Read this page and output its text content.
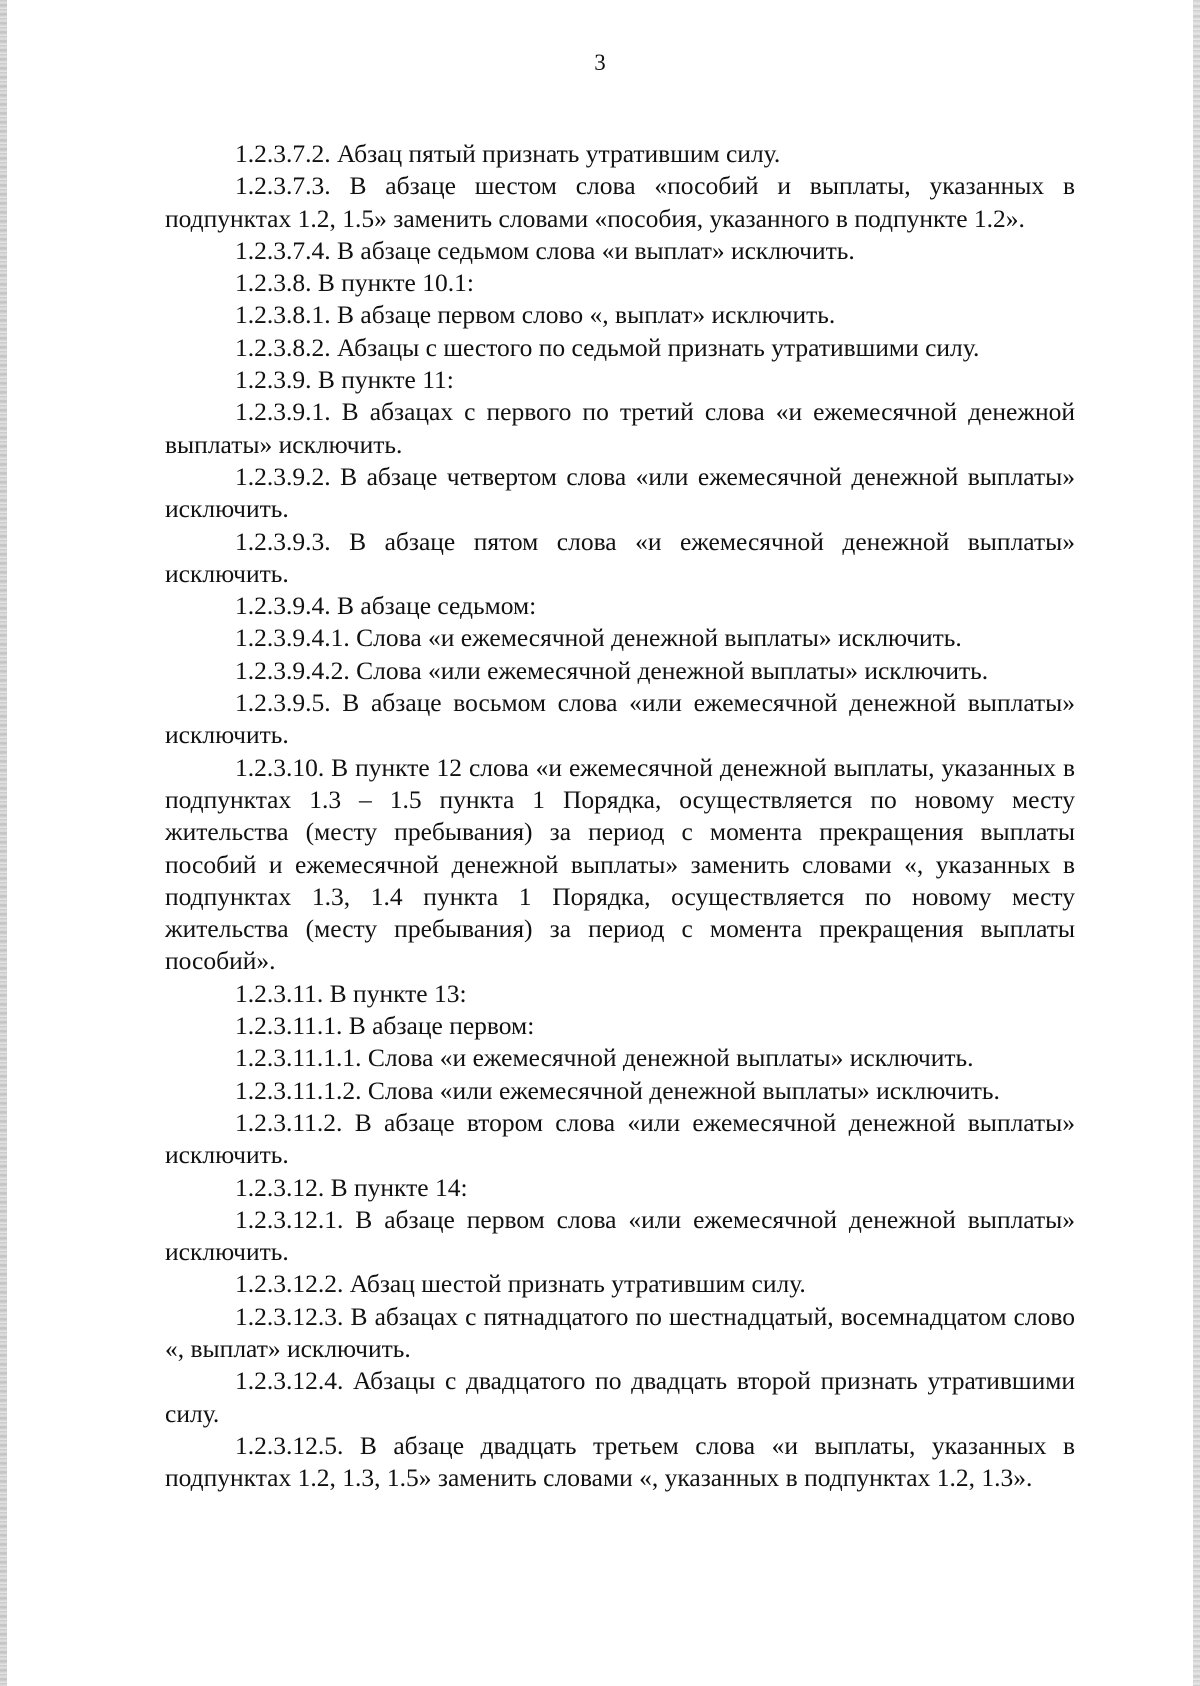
3

1.2.3.7.2. Абзац пятый признать утратившим силу.

1.2.3.7.3. В абзаце шестом слова «пособий и выплаты, указанных в подпунктах 1.2, 1.5» заменить словами «пособия, указанного в подпункте 1.2».

1.2.3.7.4. В абзаце седьмом слова «и выплат» исключить.

1.2.3.8. В пункте 10.1:

1.2.3.8.1. В абзаце первом слово «, выплат» исключить.

1.2.3.8.2. Абзацы с шестого по седьмой признать утратившими силу.

1.2.3.9. В пункте 11:

1.2.3.9.1. В абзацах с первого по третий слова «и ежемесячной денежной выплаты» исключить.

1.2.3.9.2. В абзаце четвертом слова «или ежемесячной денежной выплаты» исключить.

1.2.3.9.3. В абзаце пятом слова «и ежемесячной денежной выплаты» исключить.

1.2.3.9.4. В абзаце седьмом:

1.2.3.9.4.1. Слова «и ежемесячной денежной выплаты» исключить.

1.2.3.9.4.2. Слова «или ежемесячной денежной выплаты» исключить.

1.2.3.9.5. В абзаце восьмом слова «или ежемесячной денежной выплаты» исключить.

1.2.3.10. В пункте 12 слова «и ежемесячной денежной выплаты, указанных в подпунктах 1.3 – 1.5 пункта 1 Порядка, осуществляется по новому месту жительства (месту пребывания) за период с момента прекращения выплаты пособий и ежемесячной денежной выплаты» заменить словами «, указанных в подпунктах 1.3, 1.4 пункта 1 Порядка, осуществляется по новому месту жительства (месту пребывания) за период с момента прекращения выплаты пособий».

1.2.3.11. В пункте 13:

1.2.3.11.1. В абзаце первом:

1.2.3.11.1.1. Слова «и ежемесячной денежной выплаты» исключить.

1.2.3.11.1.2. Слова «или ежемесячной денежной выплаты» исключить.

1.2.3.11.2. В абзаце втором слова «или ежемесячной денежной выплаты» исключить.

1.2.3.12. В пункте 14:

1.2.3.12.1. В абзаце первом слова «или ежемесячной денежной выплаты» исключить.

1.2.3.12.2. Абзац шестой признать утратившим силу.

1.2.3.12.3. В абзацах с пятнадцатого по шестнадцатый, восемнадцатом слово «, выплат» исключить.

1.2.3.12.4. Абзацы с двадцатого по двадцать второй признать утратившими силу.

1.2.3.12.5. В абзаце двадцать третьем слова «и выплаты, указанных в подпунктах 1.2, 1.3, 1.5» заменить словами «, указанных в подпунктах 1.2, 1.3».
